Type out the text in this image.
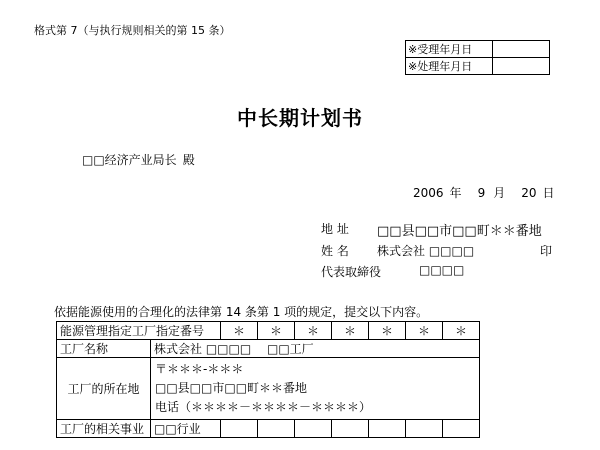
格式第 7（与执行规则相关的第 15 条）
※受理年月日	
※处理年月日	
中长期计划书
□□经济产业局长 殿
2006 年 9 月 20 日
地 址 □□县□□市□□町＊＊番地
姓 名 株式会社 □□□□	印
代表取締役	□□□□
依据能源使用的合理化的法律第 14 条第 1 项的规定，提交以下内容。
能源管理指定工厂指定番号		＊	＊	＊	＊	＊	＊	＊
工厂名称	株式会社 □□□□　 □□工厂							
工厂的所在地	〒＊＊＊-＊＊＊
□□县□□市□□町＊＊番地
电话（＊＊＊＊－＊＊＊＊－＊＊＊＊）							

工厂的相关事业	□□行业							
